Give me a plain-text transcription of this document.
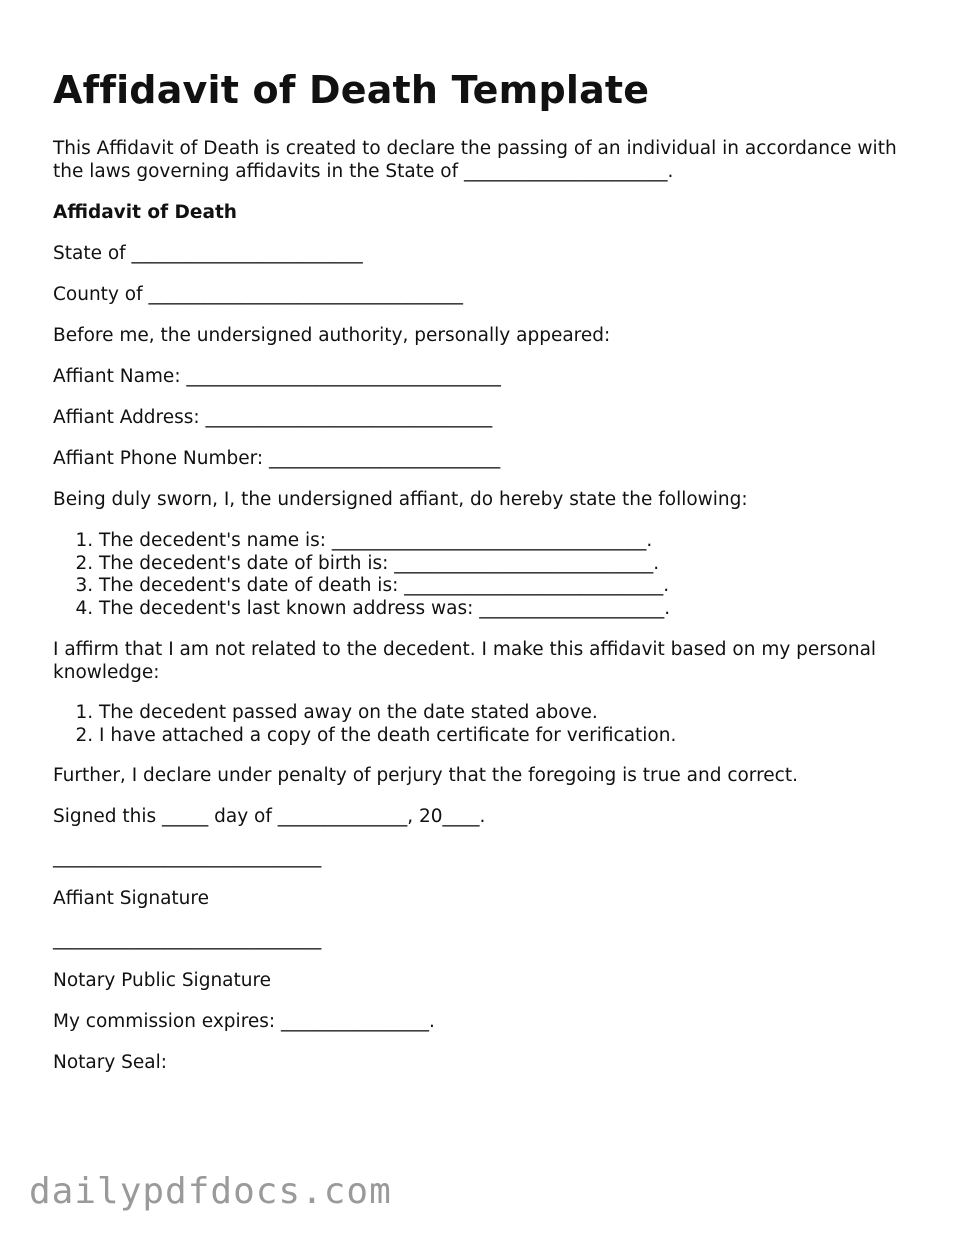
Affidavit of Death Template

This Affidavit of Death is created to declare the passing of an individual in accordance with the laws governing affidavits in the State of ______________________.

Affidavit of Death

State of _________________________

County of __________________________________

Before me, the undersigned authority, personally appeared:

Affiant Name: __________________________________

Affiant Address: _______________________________

Affiant Phone Number: _________________________

Being duly sworn, I, the undersigned affiant, do hereby state the following:

1. The decedent's name is: __________________________________.
2. The decedent's date of birth is: ____________________________.
3. The decedent's date of death is: ____________________________.
4. The decedent's last known address was: ____________________.

I affirm that I am not related to the decedent. I make this affidavit based on my personal knowledge:

1. The decedent passed away on the date stated above.
2. I have attached a copy of the death certificate for verification.

Further, I declare under penalty of perjury that the foregoing is true and correct.

Signed this _____ day of ______________, 20____.

_____________________________

Affiant Signature

_____________________________

Notary Public Signature

My commission expires: ________________.

Notary Seal:

dailypdfdocs.com
